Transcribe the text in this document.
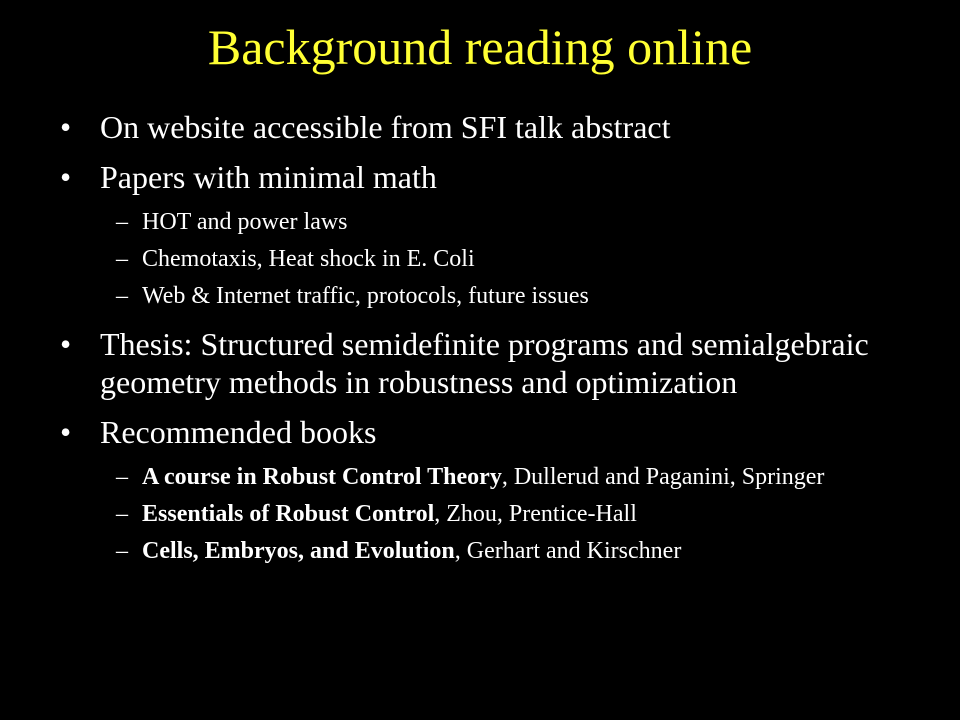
Background reading online
• On website accessible from SFI talk abstract
• Papers with minimal math
– HOT and power laws
– Chemotaxis, Heat shock in E. Coli
– Web & Internet traffic, protocols, future issues
• Thesis: Structured semidefinite programs and semialgebraic geometry methods in robustness and optimization
• Recommended books
– A course in Robust Control Theory, Dullerud and Paganini, Springer
– Essentials of Robust Control, Zhou, Prentice-Hall
– Cells, Embryos, and Evolution, Gerhart and Kirschner
